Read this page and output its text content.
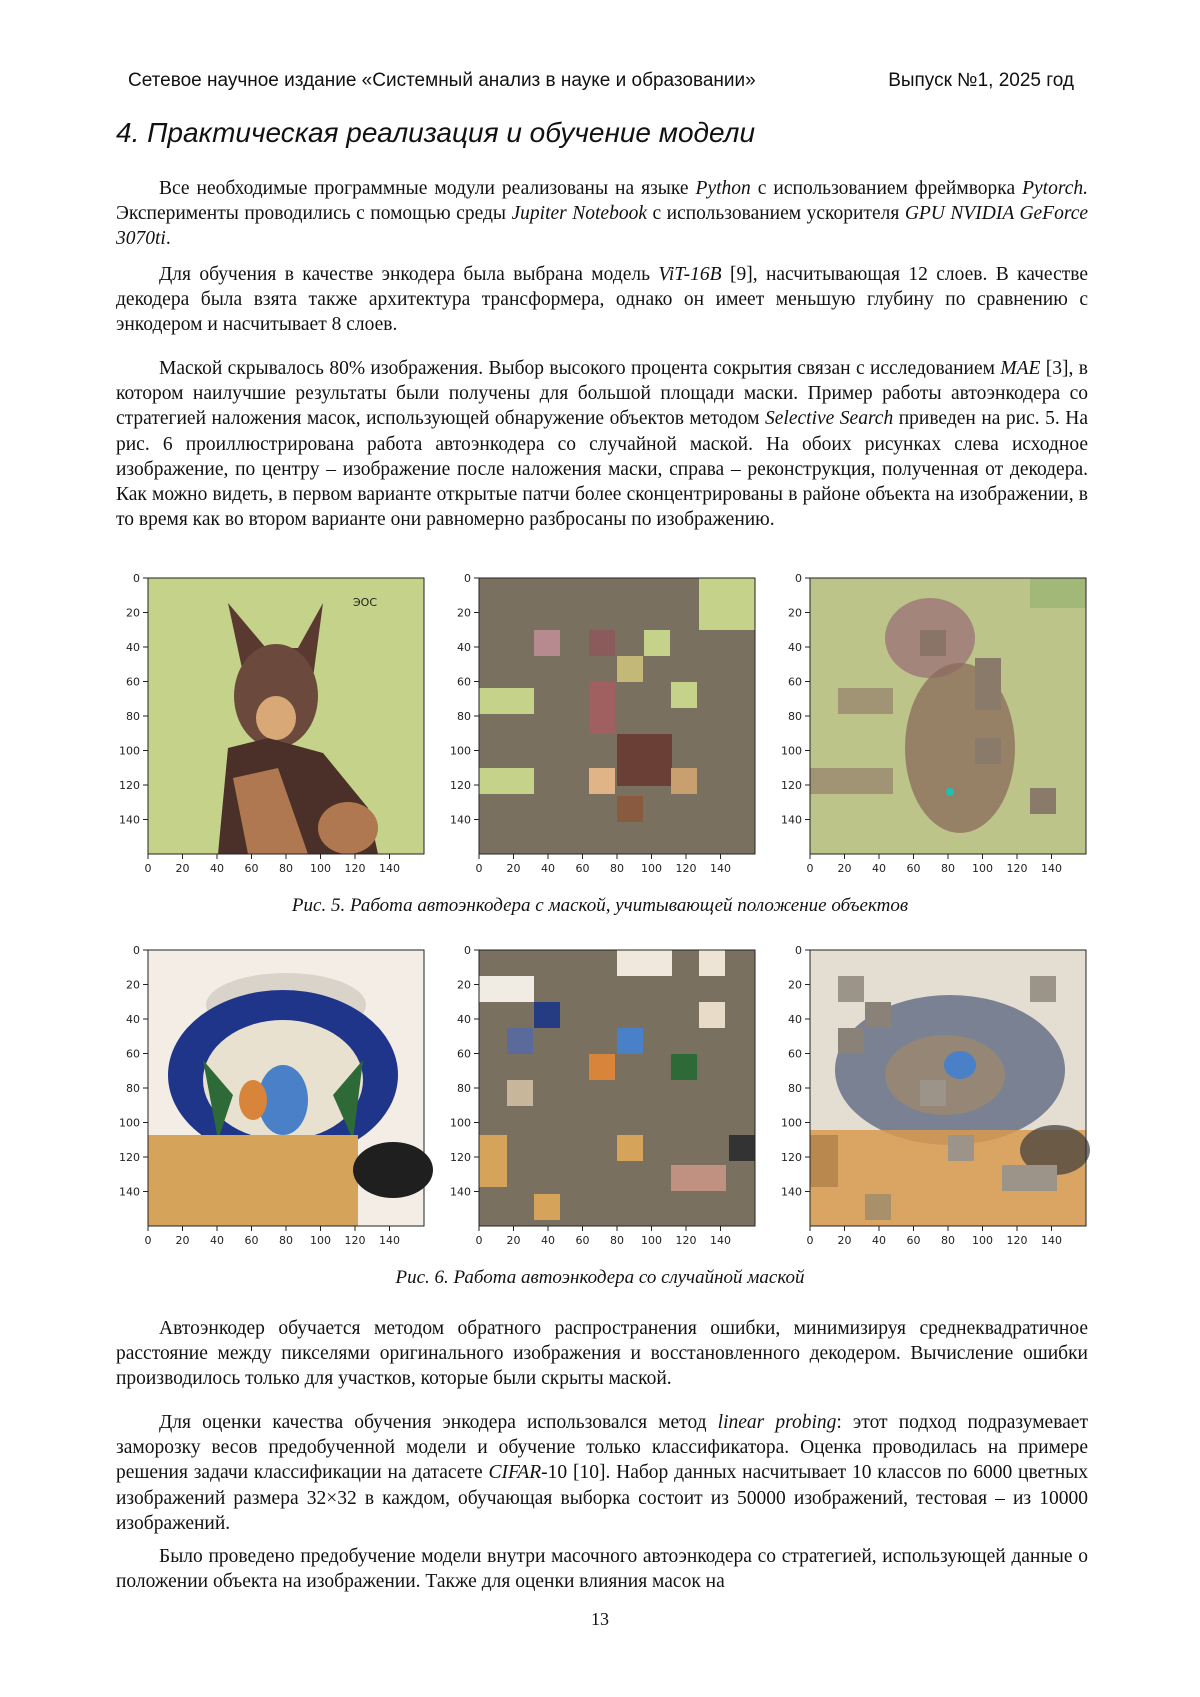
Сетевое научное издание «Системный анализ в науке и образовании»	Выпуск №1, 2025 год
4. Практическая реализация и обучение модели

Все необходимые программные модули реализованы на языке Python с использованием фреймворка Pytorch. Эксперименты проводились с помощью среды Jupiter Notebook с использованием ускорителя GPU NVIDIA GeForce 3070ti.

Для обучения в качестве энкодера была выбрана модель ViT-16B [9], насчитывающая 12 слоев. В качестве декодера была взята также архитектура трансформера, однако он имеет меньшую глубину по сравнению с энкодером и насчитывает 8 слоев.

Маской скрывалось 80% изображения. Выбор высокого процента сокрытия связан с исследованием MAE [3], в котором наилучшие результаты были получены для большой площади маски. Пример работы автоэнкодера со стратегией наложения масок, использующей обнаружение объектов методом Selective Search приведен на рис. 5. На рис. 6 проиллюстрирована работа автоэнкодера со случайной маской. На обоих рисунках слева исходное изображение, по центру – изображение после наложения маски, справа – реконструкция, полученная от декодера. Как можно видеть, в первом варианте открытые патчи более сконцентрированы в районе объекта на изображении, в то время как во втором варианте они равномерно разбросаны по изображению.

ЭОС
0
20
40
60
80
100
120
140
0 20 40 60 80 100 120 140
0
20
40
60
80
100
120
140
0 20 40 60 80 100 120 140
0
20
40
60
80
100
120
140
0 20 40 60 80 100 120 140
Рис. 5. Работа автоэнкодера с маской, учитывающей положение объектов
0
20
40
60
80
100
120
140
0 20 40 60 80 100 120 140
0
20
40
60
80
100
120
140
0 20 40 60 80 100 120 140
0
20
40
60
80
100
120
140
0 20 40 60 80 100 120 140
Рис. 6. Работа автоэнкодера со случайной маской

Автоэнкодер обучается методом обратного распространения ошибки, минимизируя среднеквадратичное расстояние между пикселями оригинального изображения и восстановленного декодером. Вычисление ошибки производилось только для участков, которые были скрыты маской.

Для оценки качества обучения энкодера использовался метод linear probing: этот подход подразумевает заморозку весов предобученной модели и обучение только классификатора. Оценка проводилась на примере решения задачи классификации на датасете CIFAR-10 [10]. Набор данных насчитывает 10 классов по 6000 цветных изображений размера 32×32 в каждом, обучающая выборка состоит из 50000 изображений, тестовая – из 10000 изображений.

Было проведено предобучение модели внутри масочного автоэнкодера со стратегией, использующей данные о положении объекта на изображении. Также для оценки влияния масок на

13
